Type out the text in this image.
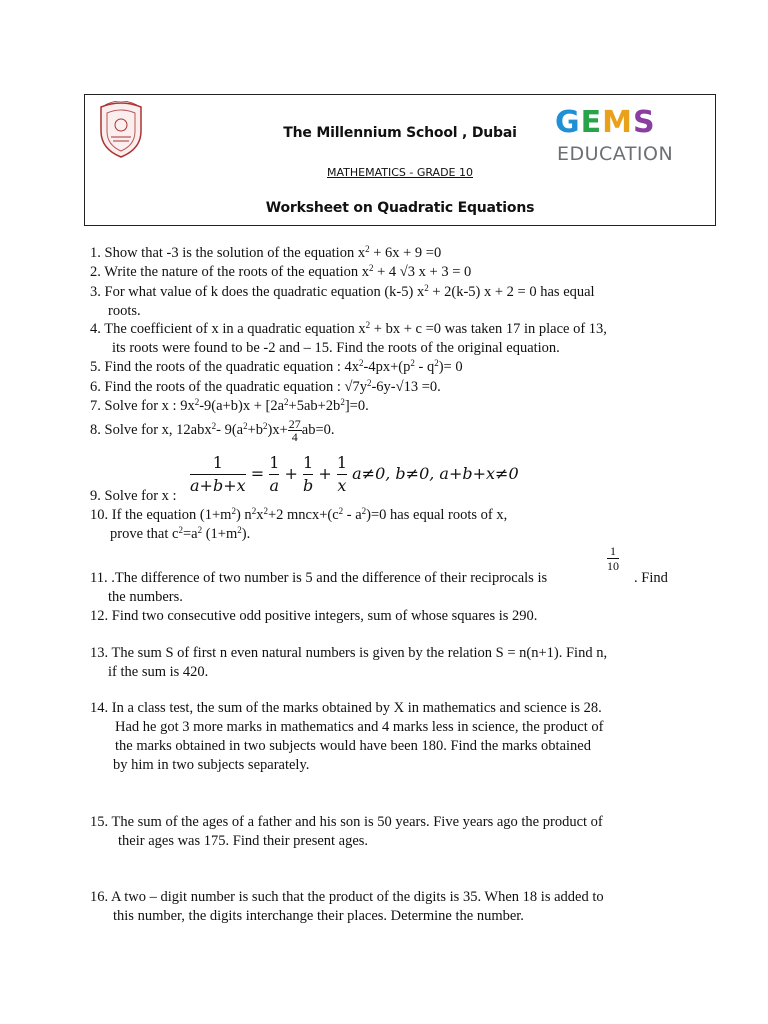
The Millennium School , Dubai
MATHEMATICS - GRADE 10
Worksheet on Quadratic Equations
GEMS
EDUCATION
1. Show that -3 is the solution of the equation $x^2 + 6x + 9 =0$
2. Write the nature of the roots of the equation $x^2 + 4$ √3 x + 3 = 0
3. For what value of k does the quadratic equation (k-5) $x^2 + 2(k-5) x + 2 = 0$ has equal
roots.
4. The coefficient of x in a quadratic equation $x^2$ + bx + c =0 was taken 17 in place of 13,
its roots were found to be -2 and – 15. Find the roots of the original equation.
5. Find the roots of the quadratic equation : $4x^2-4px+(p^2 - q^2)= 0$
6. Find the roots of the quadratic equation : $√7y^2-6y-√13 =0$.
7. Solve for x : $9x^2-9(a+b)x + [2a^2+5ab+2b^2]=0$.
8. Solve for x, 12abx$^2$- $9(a^2+b^2)x+ \frac{27}{4} ab=0$.
$\frac{1}{a+b+x} = \frac{1}{a} + \frac{1}{b} + \frac{1}{x} a\ne 0$, b≠0, a+b+x≠0
9. Solve for x :
10. If the equation $(1+m^2)$ $n^2x^2+2$ $mncx+(c^2 - a^2)=0$ has equal roots of x,
prove that $c^2=a^2$ $(1+m^2)$.
11. .The difference of two number is 5 and the difference of their reciprocals is
$\frac{1}{10}$
. Find
the numbers.
12. Find two consecutive odd positive integers, sum of whose squares is 290.
13. The sum S of first n even natural numbers is given by the relation S = n(n+1). Find n,
if the sum is 420.
14. In a class test, the sum of the marks obtained by X in mathematics and science is 28.
Had he got 3 more marks in mathematics and 4 marks less in science, the product of
the marks obtained in two subjects would have been 180. Find the marks obtained
by him in two subjects separately.
15. The sum of the ages of a father and his son is 50 years. Five years ago the product of
their ages was 175. Find their present ages.
16. A two – digit number is such that the product of the digits is 35. When 18 is added to
this number, the digits interchange their places. Determine the number.
